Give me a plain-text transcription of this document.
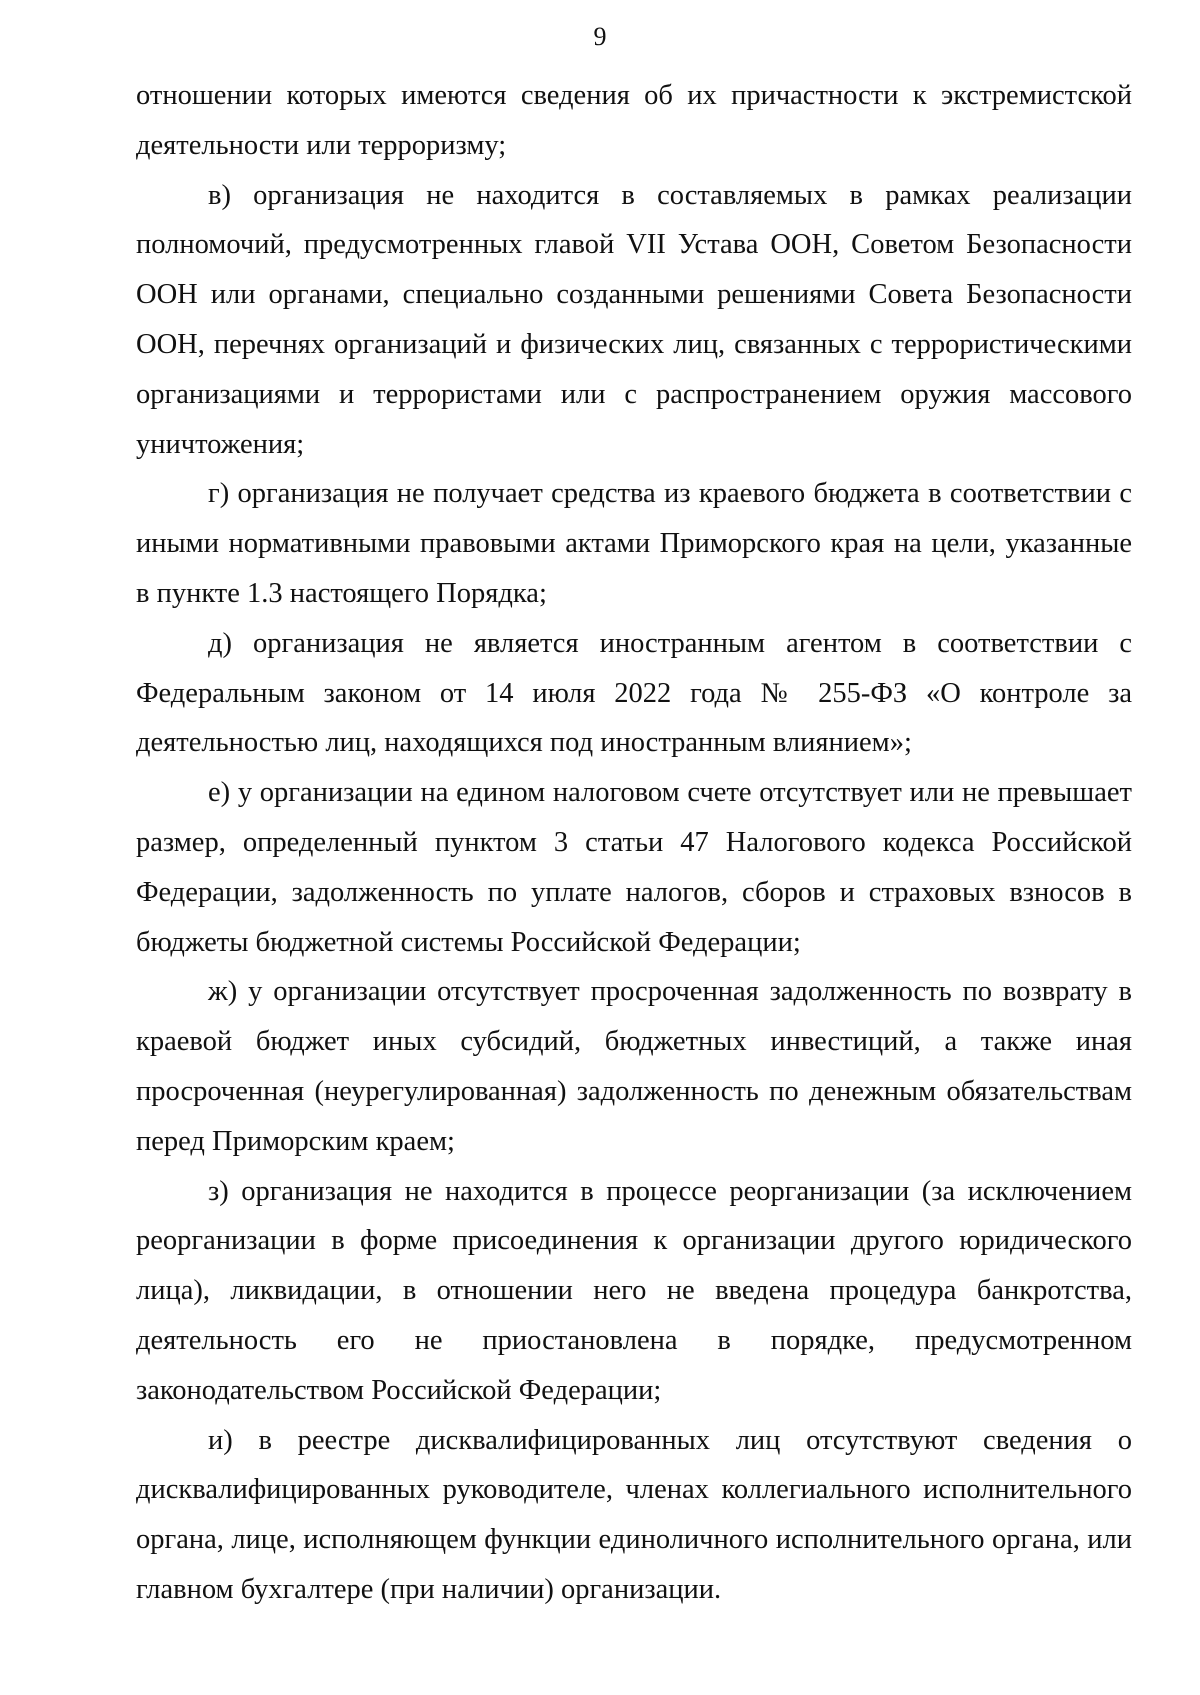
9

отношении которых имеются сведения об их причастности к экстремистской деятельности или терроризму;

в) организация не находится в составляемых в рамках реализации полномочий, предусмотренных главой VII Устава ООН, Советом Безопасности ООН или органами, специально созданными решениями Совета Безопасности ООН, перечнях организаций и физических лиц, связанных с террористическими организациями и террористами или с распространением оружия массового уничтожения;

г) организация не получает средства из краевого бюджета в соответствии с иными нормативными правовыми актами Приморского края на цели, указанные в пункте 1.3 настоящего Порядка;

д) организация не является иностранным агентом в соответствии с Федеральным законом от 14 июля 2022 года № 255-ФЗ «О контроле за деятельностью лиц, находящихся под иностранным влиянием»;

е) у организации на едином налоговом счете отсутствует или не превышает размер, определенный пунктом 3 статьи 47 Налогового кодекса Российской Федерации, задолженность по уплате налогов, сборов и страховых взносов в бюджеты бюджетной системы Российской Федерации;

ж) у организации отсутствует просроченная задолженность по возврату в краевой бюджет иных субсидий, бюджетных инвестиций, а также иная просроченная (неурегулированная) задолженность по денежным обязательствам перед Приморским краем;

з) организация не находится в процессе реорганизации (за исключением реорганизации в форме присоединения к организации другого юридического лица), ликвидации, в отношении него не введена процедура банкротства, деятельность его не приостановлена в порядке, предусмотренном законодательством Российской Федерации;

и) в реестре дисквалифицированных лиц отсутствуют сведения о дисквалифицированных руководителе, членах коллегиального исполнительного органа, лице, исполняющем функции единоличного исполнительного органа, или главном бухгалтере (при наличии) организации.
